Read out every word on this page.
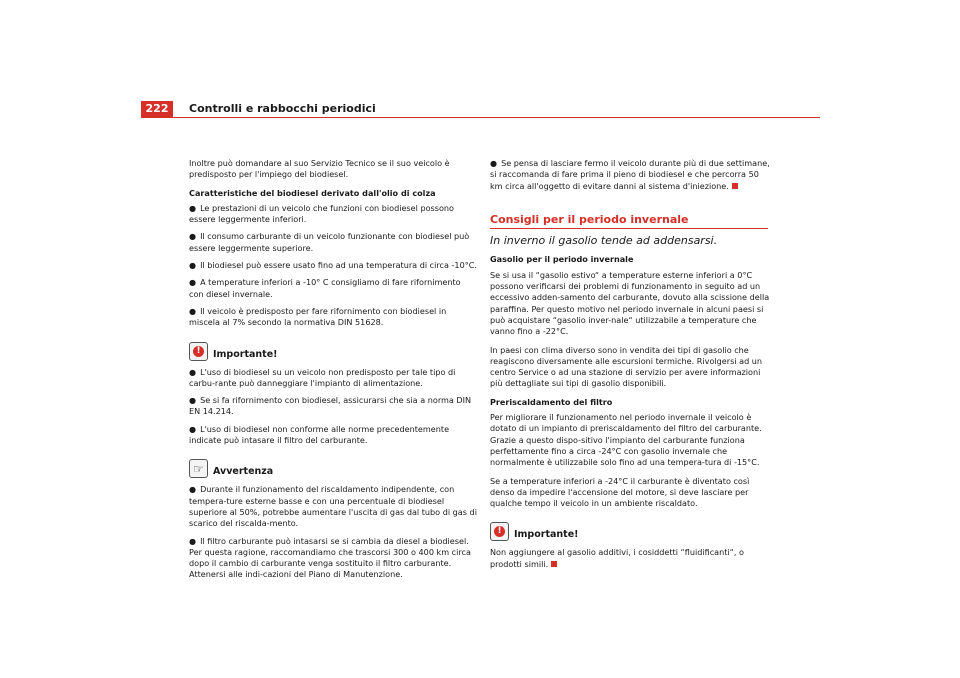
222	Controlli e rabbocchi periodici

Inoltre può domandare al suo Servizio Tecnico se il suo veicolo è predisposto per l'impiego del biodiesel.

Caratteristiche del biodiesel derivato dall'olio di colza

● Le prestazioni di un veicolo che funzioni con biodiesel possono essere leggermente inferiori.
● Il consumo carburante di un veicolo funzionante con biodiesel può essere leggermente superiore.
● Il biodiesel può essere usato fino ad una temperatura di circa -10°C.
● A temperature inferiori a -10° C consigliamo di fare rifornimento con diesel invernale.
● Il veicolo è predisposto per fare rifornimento con biodiesel in miscela al 7% secondo la normativa DIN 51628.
!	Importante!
● L'uso di biodiesel su un veicolo non predisposto per tale tipo di carbu-rante può danneggiare l'impianto di alimentazione.
● Se si fa rifornimento con biodiesel, assicurarsi che sia a norma DIN EN 14.214.
● L'uso di biodiesel non conforme alle norme precedentemente indicate può intasare il filtro del carburante.
☞ Avvertenza
● Durante il funzionamento del riscaldamento indipendente, con tempera-ture esterne basse e con una percentuale di biodiesel superiore al 50%, potrebbe aumentare l'uscita di gas dal tubo di gas di scarico del riscalda-mento.
● Il filtro carburante può intasarsi se si cambia da diesel a biodiesel. Per questa ragione, raccomandiamo che trascorsi 300 o 400 km circa dopo il cambio di carburante venga sostituito il filtro carburante. Attenersi alle indi-cazioni del Piano di Manutenzione.
● Se pensa di lasciare fermo il veicolo durante più di due settimane, si raccomanda di fare prima il pieno di biodiesel e che percorra 50 km circa all'oggetto di evitare danni al sistema d'iniezione.
Consigli per il periodo invernale
In inverno il gasolio tende ad addensarsi.

Gasolio per il periodo invernale

Se si usa il “gasolio estivo“ a temperature esterne inferiori a 0°C possono verificarsi dei problemi di funzionamento in seguito ad un eccessivo adden-samento del carburante, dovuto alla scissione della paraffina. Per questo motivo nel periodo invernale in alcuni paesi si può acquistare “gasolio inver-nale“ utilizzabile a temperature che vanno fino a -22°C.

In paesi con clima diverso sono in vendita dei tipi di gasolio che reagiscono diversamente alle escursioni termiche. Rivolgersi ad un centro Service o ad una stazione di servizio per avere informazioni più dettagliate sui tipi di gasolio disponibili.

Preriscaldamento del filtro

Per migliorare il funzionamento nel periodo invernale il veicolo è dotato di un impianto di preriscaldamento del filtro del carburante. Grazie a questo dispo-sitivo l'impianto del carburante funziona perfettamente fino a circa -24°C con gasolio invernale che normalmente è utilizzabile solo fino ad una tempera-tura di -15°C.

Se a temperature inferiori a -24°C il carburante è diventato così denso da impedire l'accensione del motore, si deve lasciare per qualche tempo il veicolo in un ambiente riscaldato.

!	Importante!

Non aggiungere al gasolio additivi, i cosiddetti “fluidificanti“, o prodotti simili.
